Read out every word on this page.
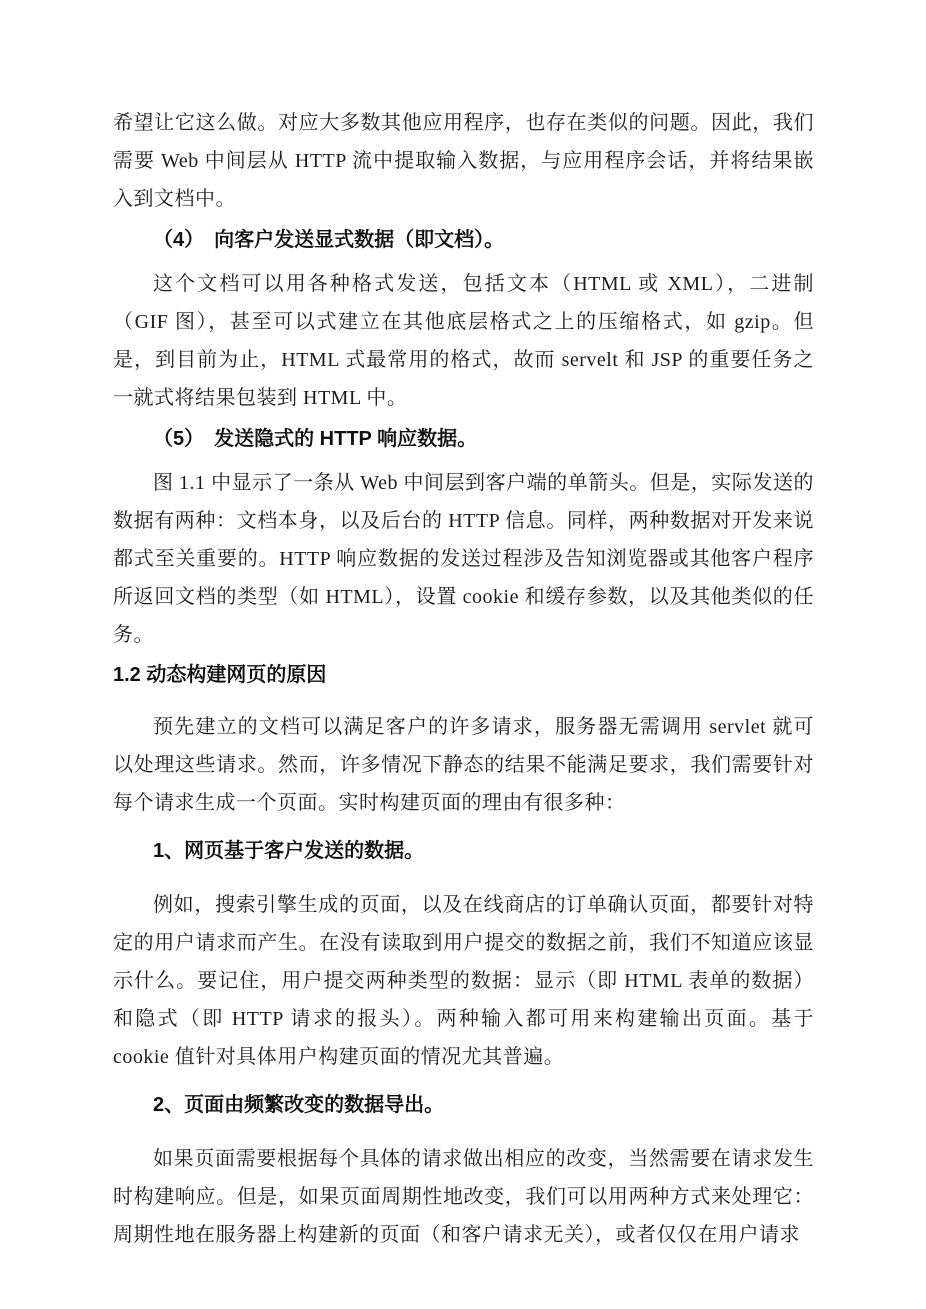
希望让它这么做。对应大多数其他应用程序，也存在类似的问题。因此，我们需要 Web 中间层从 HTTP 流中提取输入数据，与应用程序会话，并将结果嵌入到文档中。

（4）　向客户发送显式数据（即文档）。

这个文档可以用各种格式发送，包括文本（HTML 或 XML），二进制（GIF 图），甚至可以式建立在其他底层格式之上的压缩格式，如 gzip。但是，到目前为止，HTML 式最常用的格式，故而 servelt 和 JSP 的重要任务之一就式将结果包装到 HTML 中。

（5）　发送隐式的 HTTP 响应数据。

图 1.1 中显示了一条从 Web 中间层到客户端的单箭头。但是，实际发送的数据有两种：文档本身，以及后台的 HTTP 信息。同样，两种数据对开发来说都式至关重要的。HTTP 响应数据的发送过程涉及告知浏览器或其他客户程序所返回文档的类型（如 HTML），设置 cookie 和缓存参数，以及其他类似的任务。

1.2 动态构建网页的原因

预先建立的文档可以满足客户的许多请求，服务器无需调用 servlet 就可以处理这些请求。然而，许多情况下静态的结果不能满足要求，我们需要针对每个请求生成一个页面。实时构建页面的理由有很多种：

1、网页基于客户发送的数据。

例如，搜索引擎生成的页面，以及在线商店的订单确认页面，都要针对特定的用户请求而产生。在没有读取到用户提交的数据之前，我们不知道应该显示什么。要记住，用户提交两种类型的数据：显示（即 HTML 表单的数据）和隐式（即 HTTP 请求的报头）。两种输入都可用来构建输出页面。基于 cookie 值针对具体用户构建页面的情况尤其普遍。

2、页面由频繁改变的数据导出。

如果页面需要根据每个具体的请求做出相应的改变，当然需要在请求发生时构建响应。但是，如果页面周期性地改变，我们可以用两种方式来处理它：周期性地在服务器上构建新的页面（和客户请求无关），或者仅仅在用户请求
